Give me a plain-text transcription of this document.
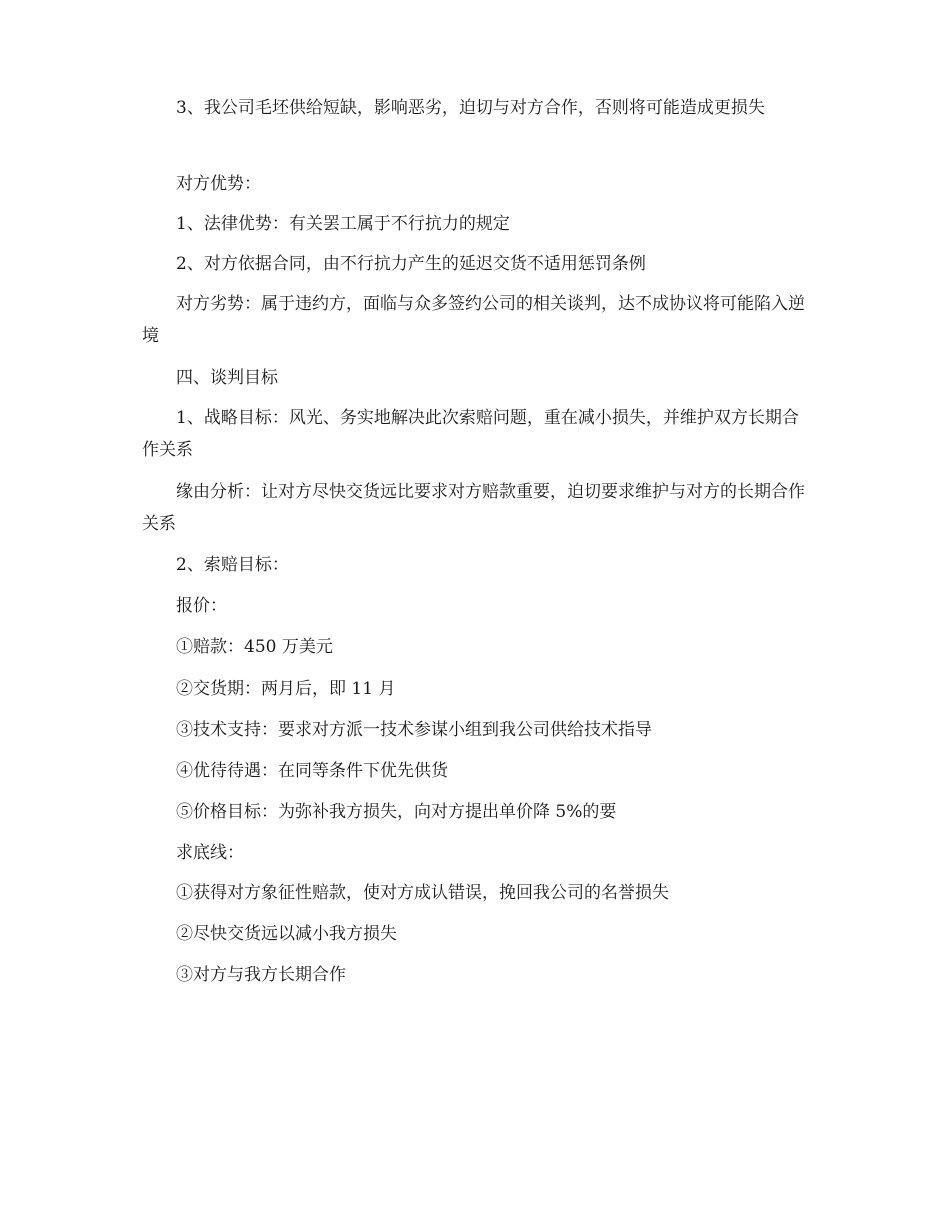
3、我公司毛坯供给短缺，影响恶劣，迫切与对方合作，否则将可能造成更损失

对方优势：

1、法律优势：有关罢工属于不行抗力的规定

2、对方依据合同，由不行抗力产生的延迟交货不适用惩罚条例

对方劣势：属于违约方，面临与众多签约公司的相关谈判，达不成协议将可能陷入逆境

四、谈判目标

1、战略目标：风光、务实地解决此次索赔问题，重在减小损失，并维护双方长期合作关系

缘由分析：让对方尽快交货远比要求对方赔款重要，迫切要求维护与对方的长期合作关系

2、索赔目标：

报价：

①赔款：450 万美元

②交货期：两月后，即 11 月

③技术支持：要求对方派一技术参谋小组到我公司供给技术指导

④优待待遇：在同等条件下优先供货

⑤价格目标：为弥补我方损失，向对方提出单价降 5%的要

求底线：

①获得对方象征性赔款，使对方成认错误，挽回我公司的名誉损失

②尽快交货远以减小我方损失

③对方与我方长期合作
